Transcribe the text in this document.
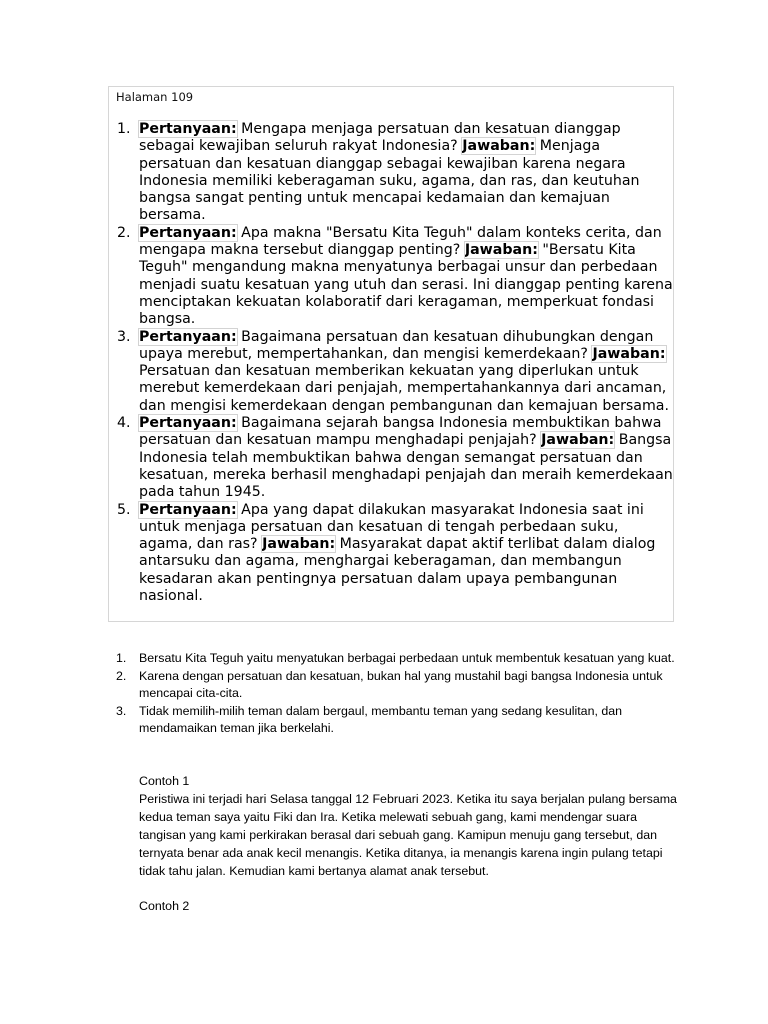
Halaman 109
1. Pertanyaan: Mengapa menjaga persatuan dan kesatuan dianggap sebagai kewajiban seluruh rakyat Indonesia? Jawaban: Menjaga persatuan dan kesatuan dianggap sebagai kewajiban karena negara Indonesia memiliki keberagaman suku, agama, dan ras, dan keutuhan bangsa sangat penting untuk mencapai kedamaian dan kemajuan bersama.
2. Pertanyaan: Apa makna "Bersatu Kita Teguh" dalam konteks cerita, dan mengapa makna tersebut dianggap penting? Jawaban: "Bersatu Kita Teguh" mengandung makna menyatunya berbagai unsur dan perbedaan menjadi suatu kesatuan yang utuh dan serasi. Ini dianggap penting karena menciptakan kekuatan kolaboratif dari keragaman, memperkuat fondasi bangsa.
3. Pertanyaan: Bagaimana persatuan dan kesatuan dihubungkan dengan upaya merebut, mempertahankan, dan mengisi kemerdekaan? Jawaban: Persatuan dan kesatuan memberikan kekuatan yang diperlukan untuk merebut kemerdekaan dari penjajah, mempertahankannya dari ancaman, dan mengisi kemerdekaan dengan pembangunan dan kemajuan bersama.
4. Pertanyaan: Bagaimana sejarah bangsa Indonesia membuktikan bahwa persatuan dan kesatuan mampu menghadapi penjajah? Jawaban: Bangsa Indonesia telah membuktikan bahwa dengan semangat persatuan dan kesatuan, mereka berhasil menghadapi penjajah dan meraih kemerdekaan pada tahun 1945.
5. Pertanyaan: Apa yang dapat dilakukan masyarakat Indonesia saat ini untuk menjaga persatuan dan kesatuan di tengah perbedaan suku, agama, dan ras? Jawaban: Masyarakat dapat aktif terlibat dalam dialog antarsuku dan agama, menghargai keberagaman, dan membangun kesadaran akan pentingnya persatuan dalam upaya pembangunan nasional.
1. Bersatu Kita Teguh yaitu menyatukan berbagai perbedaan untuk membentuk kesatuan yang kuat.
2. Karena dengan persatuan dan kesatuan, bukan hal yang mustahil bagi bangsa Indonesia untuk mencapai cita-cita.
3. Tidak memilih-milih teman dalam bergaul, membantu teman yang sedang kesulitan, dan mendamaikan teman jika berkelahi.
Contoh 1
Peristiwa ini terjadi hari Selasa tanggal 12 Februari 2023. Ketika itu saya berjalan pulang bersama kedua teman saya yaitu Fiki dan Ira. Ketika melewati sebuah gang, kami mendengar suara tangisan yang kami perkirakan berasal dari sebuah gang. Kamipun menuju gang tersebut, dan ternyata benar ada anak kecil menangis. Ketika ditanya, ia menangis karena ingin pulang tetapi tidak tahu jalan. Kemudian kami bertanya alamat anak tersebut.
Contoh 2
